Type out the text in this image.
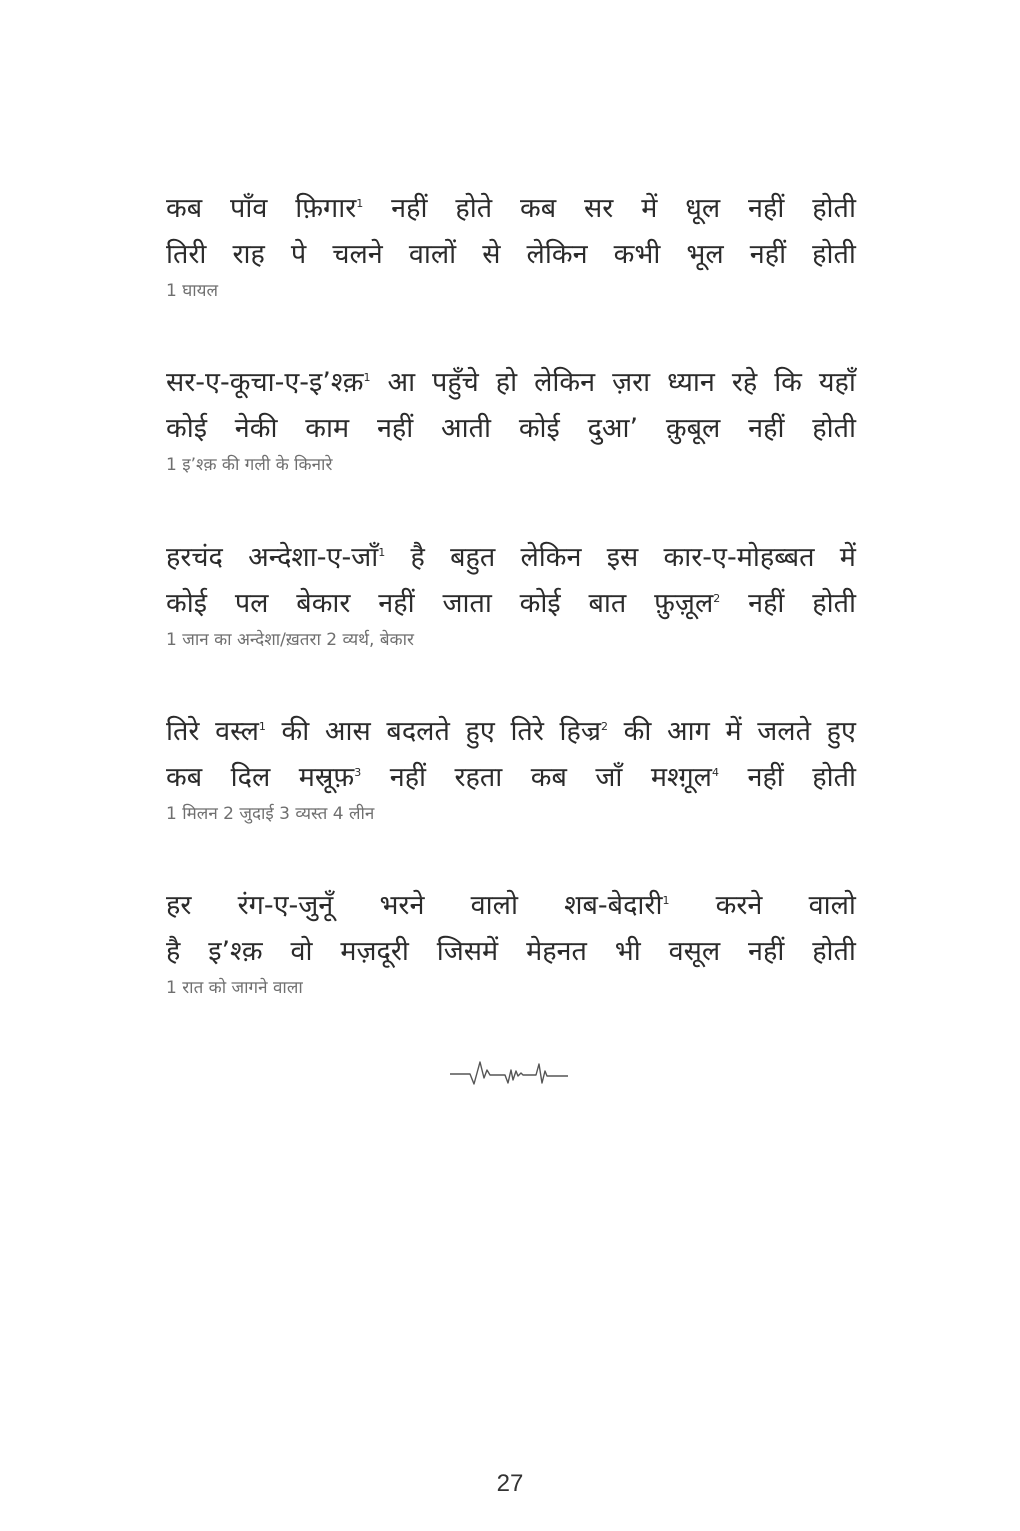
कब पाँव फ़िगार$^1$ नहीं होते कब सर में धूल नहीं होती
तिरी राह पे चलने वालों से लेकिन कभी भूल नहीं होती
1 घायल
सर-ए-कूचा-ए-इ’श्क़$^1$ आ पहुँचे हो लेकिन ज़रा ध्यान रहे कि यहाँ
कोई नेकी काम नहीं आती कोई दुआ’ क़ुबूल नहीं होती
1 इ’श्क़ की गली के किनारे
हरचंद अन्देशा-ए-जाँ$^1$ है बहुत लेकिन इस कार-ए-मोहब्बत में
कोई पल बेकार नहीं जाता कोई बात फ़ुज़ूल$^2$ नहीं होती
1 जान का अन्देशा/ख़तरा 2 व्यर्थ, बेकार
तिरे वस्ल$^1$ की आस बदलते हुए तिरे हिज्र$^2$ की आग में जलते हुए
कब दिल मस्रूफ़$^3$ नहीं रहता कब जाँ मश्ग़ूल$^4$ नहीं होती
1 मिलन 2 जुदाई 3 व्यस्त 4 लीन
हर रंग-ए-जुनूँ भरने वालो शब-बेदारी$^1$ करने वालो
है इ’श्क़ वो मज़दूरी जिसमें मेहनत भी वसूल नहीं होती
1 रात को जागने वाला
27
